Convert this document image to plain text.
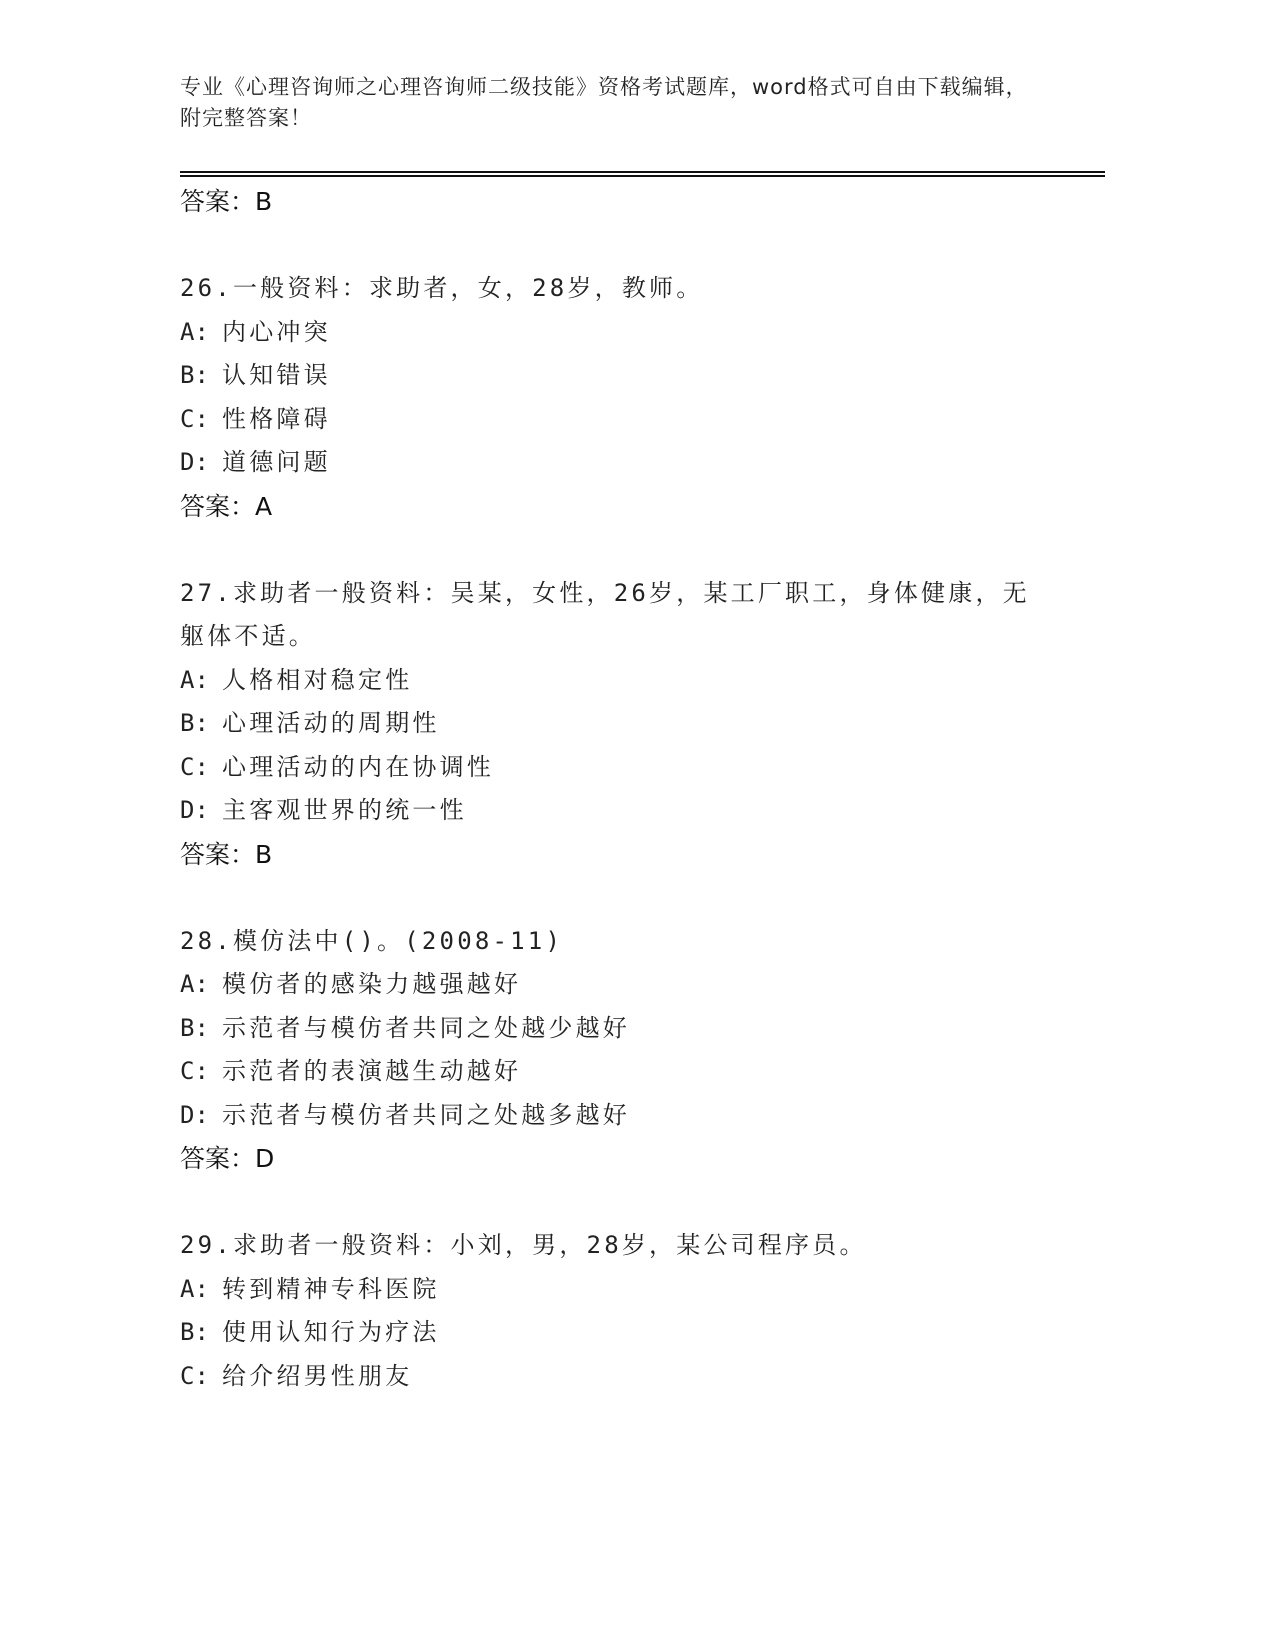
专业《心理咨询师之心理咨询师二级技能》资格考试题库，word格式可自由下载编辑，附完整答案！
答案：B
26.一般资料：求助者，女，28岁，教师。
A: 内心冲突
B: 认知错误
C: 性格障碍
D: 道德问题
答案：A
27.求助者一般资料：吴某，女性，26岁，某工厂职工，身体健康，无躯体不适。
A: 人格相对稳定性
B: 心理活动的周期性
C: 心理活动的内在协调性
D: 主客观世界的统一性
答案：B
28.模仿法中()。(2008-11)
A: 模仿者的感染力越强越好
B: 示范者与模仿者共同之处越少越好
C: 示范者的表演越生动越好
D: 示范者与模仿者共同之处越多越好
答案：D
29.求助者一般资料：小刘，男，28岁，某公司程序员。
A: 转到精神专科医院
B: 使用认知行为疗法
C: 给介绍男性朋友
